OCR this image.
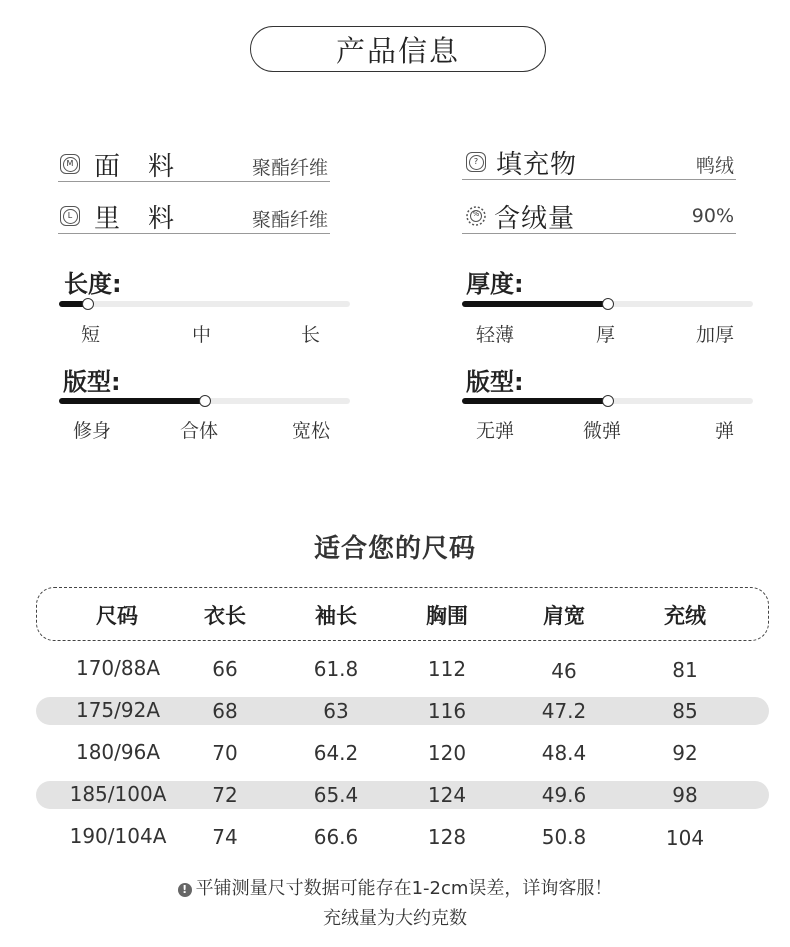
产品信息
M 面　料	聚酯纤维
L 里　料	聚酯纤维
? 填充物	鸭绒
% 含绒量	90%
长度:
短	中	长
厚度:
轻薄	厚	加厚
版型:
修身	合体	宽松
版型:
无弹	微弹	弹
适合您的尺码
尺码	衣长	袖长	胸围	肩宽	充绒
170/88A	66	61.8	112	46	81
175/92A	68	63	116	47.2	85
180/96A	70	64.2	120	48.4	92
185/100A	72	65.4	124	49.6	98
190/104A	74	66.6	128	50.8	104
! 平铺测量尺寸数据可能存在1-2cm误差，详询客服！
充绒量为大约克数
